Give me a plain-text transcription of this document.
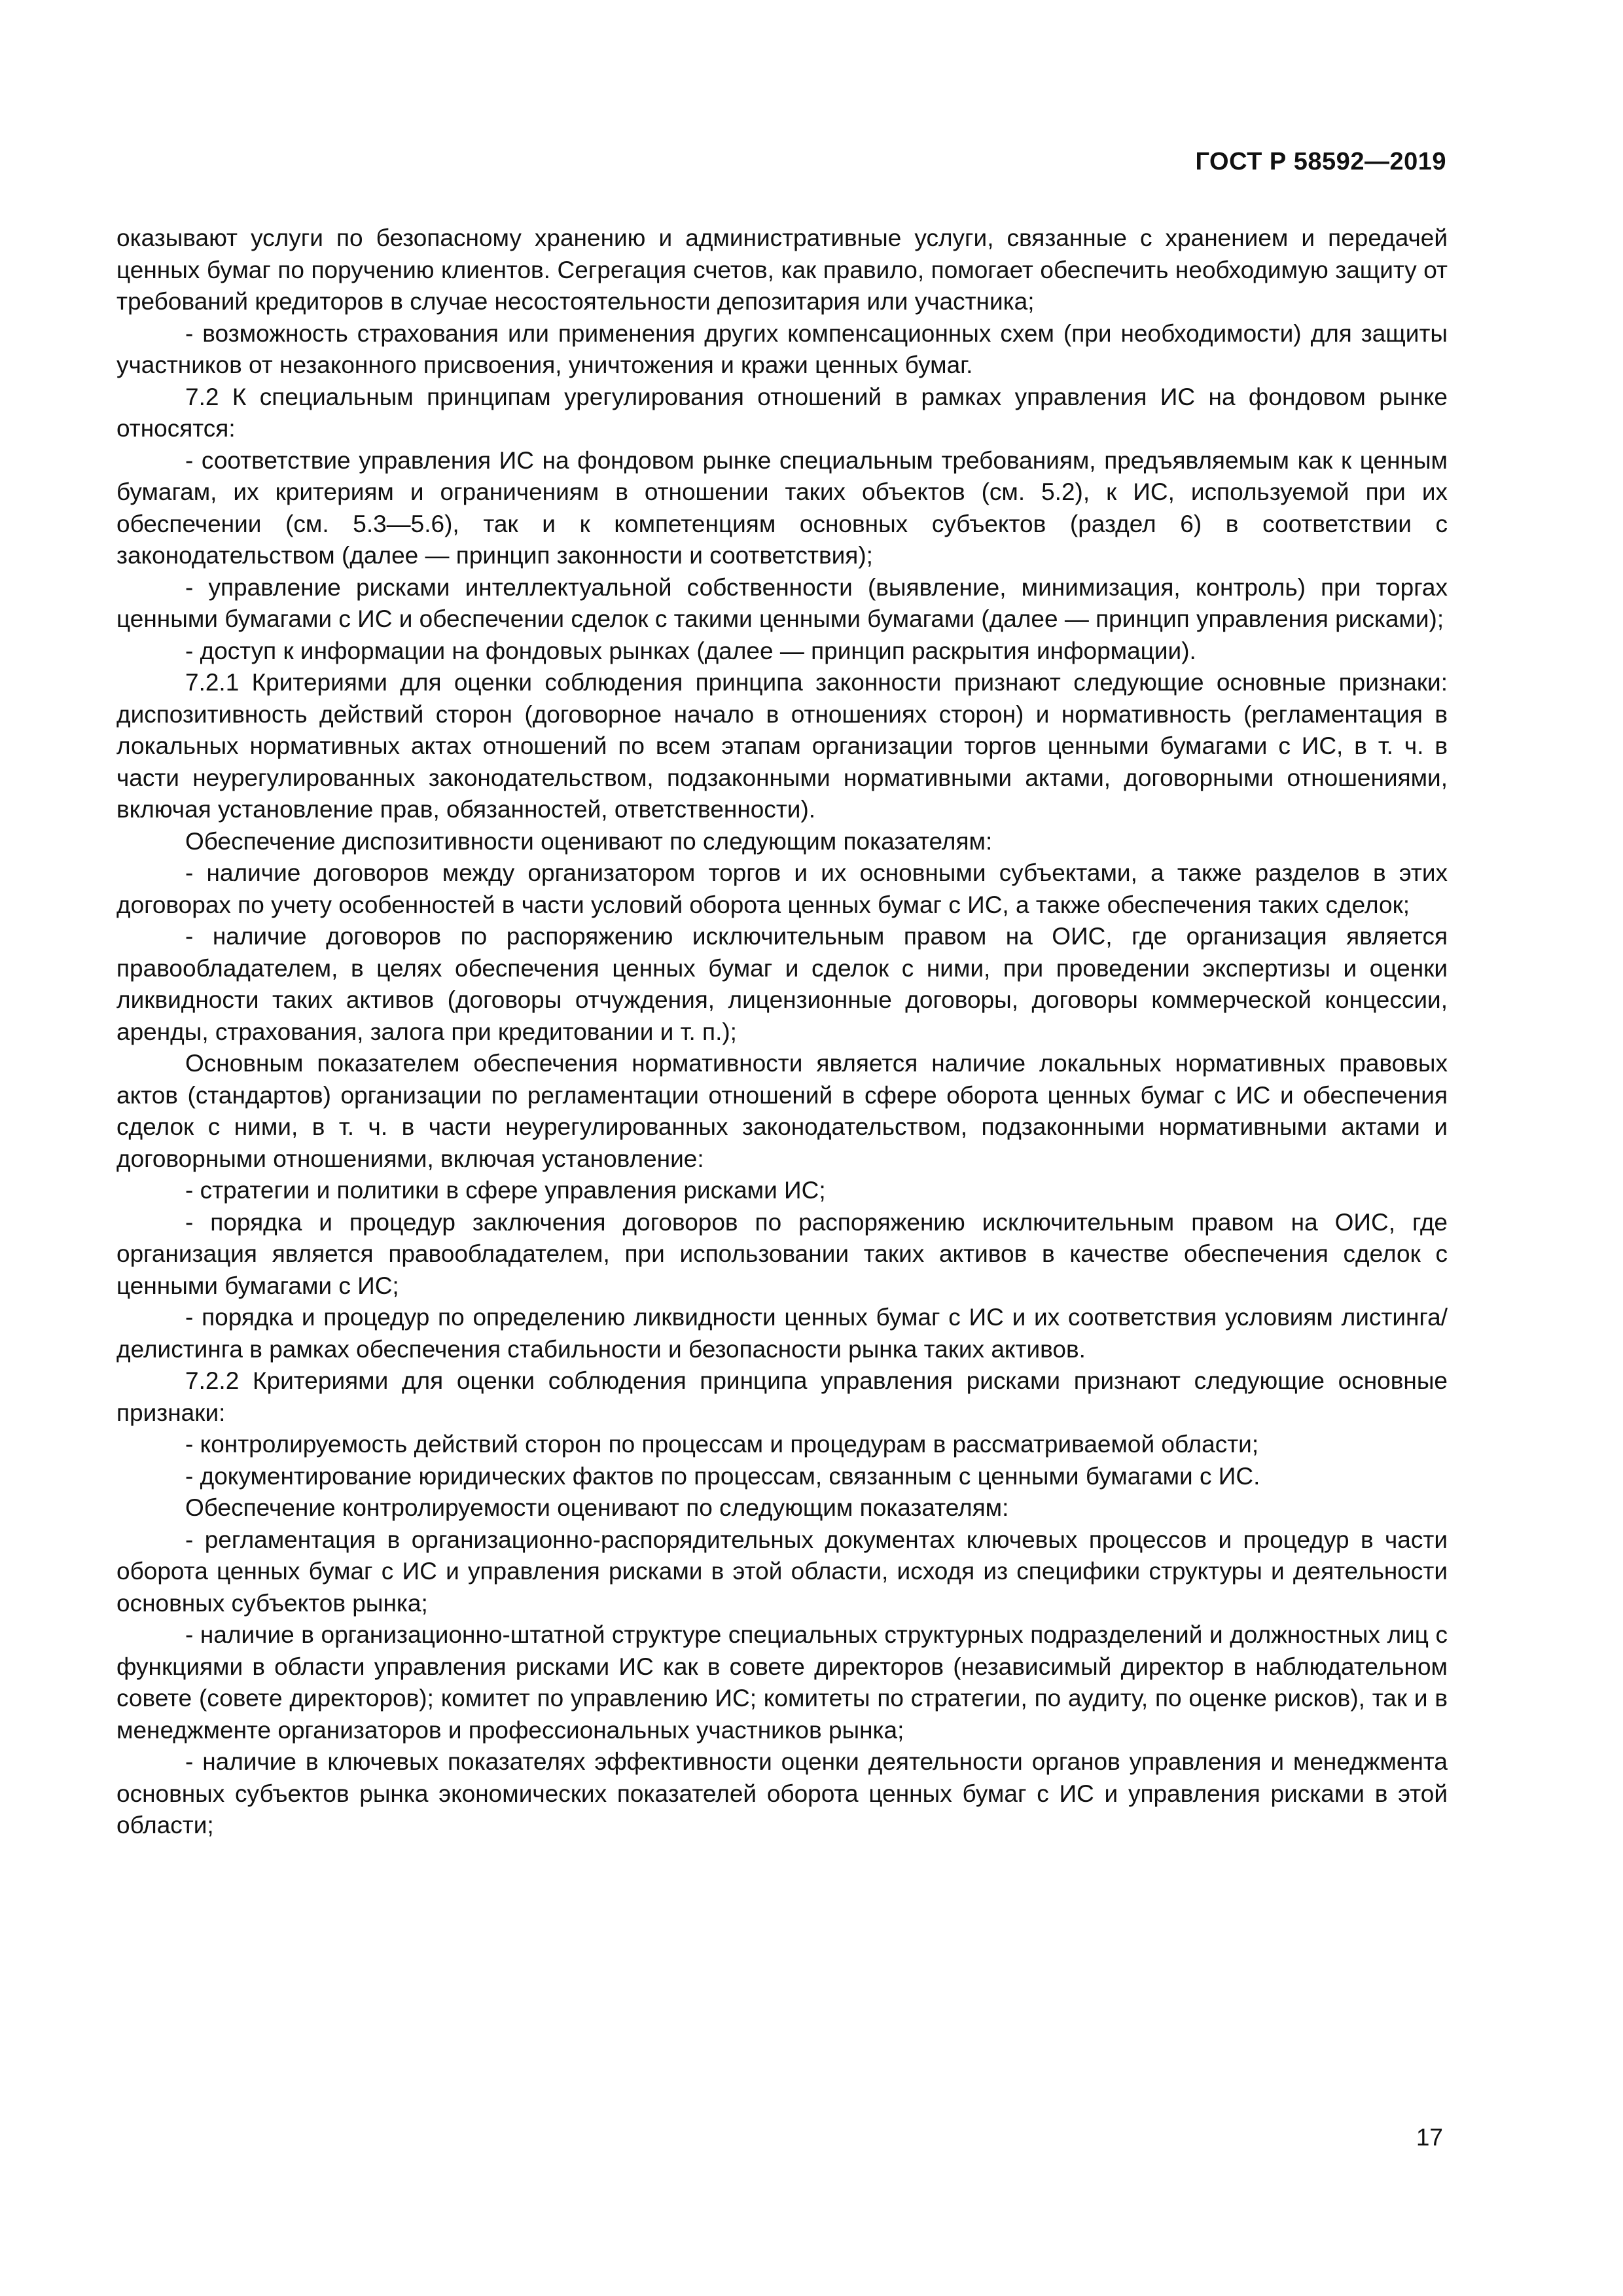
ГОСТ Р 58592—2019

оказывают услуги по безопасному хранению и административные услуги, связанные с хранением и передачей ценных бумаг по поручению клиентов. Сегрегация счетов, как правило, помогает обеспечить необходимую защиту от требований кредиторов в случае несостоятельности депозитария или участника;

- возможность страхования или применения других компенсационных схем (при необходимости) для защиты участников от незаконного присвоения, уничтожения и кражи ценных бумаг.

7.2 К специальным принципам урегулирования отношений в рамках управления ИС на фондовом рынке относятся:

- соответствие управления ИС на фондовом рынке специальным требованиям, предъявляемым как к ценным бумагам, их критериям и ограничениям в отношении таких объектов (см. 5.2), к ИС, используемой при их обеспечении (см. 5.3—5.6), так и к компетенциям основных субъектов (раздел 6) в соответствии с законодательством (далее — принцип законности и соответствия);

- управление рисками интеллектуальной собственности (выявление, минимизация, контроль) при торгах ценными бумагами с ИС и обеспечении сделок с такими ценными бумагами (далее — принцип управления рисками);

- доступ к информации на фондовых рынках (далее — принцип раскрытия информации).

7.2.1 Критериями для оценки соблюдения принципа законности признают следующие основные признаки: диспозитивность действий сторон (договорное начало в отношениях сторон) и нормативность (регламентация в локальных нормативных актах отношений по всем этапам организации торгов ценными бумагами с ИС, в т. ч. в части неурегулированных законодательством, подзаконными нормативными актами, договорными отношениями, включая установление прав, обязанностей, ответственности).

Обеспечение диспозитивности оценивают по следующим показателям:

- наличие договоров между организатором торгов и их основными субъектами, а также разделов в этих договорах по учету особенностей в части условий оборота ценных бумаг с ИС, а также обеспечения таких сделок;

- наличие договоров по распоряжению исключительным правом на ОИС, где организация является правообладателем, в целях обеспечения ценных бумаг и сделок с ними, при проведении экспертизы и оценки ликвидности таких активов (договоры отчуждения, лицензионные договоры, договоры коммерческой концессии, аренды, страхования, залога при кредитовании и т. п.);

Основным показателем обеспечения нормативности является наличие локальных нормативных правовых актов (стандартов) организации по регламентации отношений в сфере оборота ценных бумаг с ИС и обеспечения сделок с ними, в т. ч. в части неурегулированных законодательством, подзаконными нормативными актами и договорными отношениями, включая установление:

- стратегии и политики в сфере управления рисками ИС;

- порядка и процедур заключения договоров по распоряжению исключительным правом на ОИС, где организация является правообладателем, при использовании таких активов в качестве обеспечения сделок с ценными бумагами с ИС;

- порядка и процедур по определению ликвидности ценных бумаг с ИС и их соответствия условиям листинга/делистинга в рамках обеспечения стабильности и безопасности рынка таких активов.

7.2.2 Критериями для оценки соблюдения принципа управления рисками признают следующие основные признаки:

- контролируемость действий сторон по процессам и процедурам в рассматриваемой области;

- документирование юридических фактов по процессам, связанным с ценными бумагами с ИС.

Обеспечение контролируемости оценивают по следующим показателям:

- регламентация в организационно-распорядительных документах ключевых процессов и процедур в части оборота ценных бумаг с ИС и управления рисками в этой области, исходя из специфики структуры и деятельности основных субъектов рынка;

- наличие в организационно-штатной структуре специальных структурных подразделений и должностных лиц с функциями в области управления рисками ИС как в совете директоров (независимый директор в наблюдательном совете (совете директоров); комитет по управлению ИС; комитеты по стратегии, по аудиту, по оценке рисков), так и в менеджменте организаторов и профессиональных участников рынка;

- наличие в ключевых показателях эффективности оценки деятельности органов управления и менеджмента основных субъектов рынка экономических показателей оборота ценных бумаг с ИС и управления рисками в этой области;

17
